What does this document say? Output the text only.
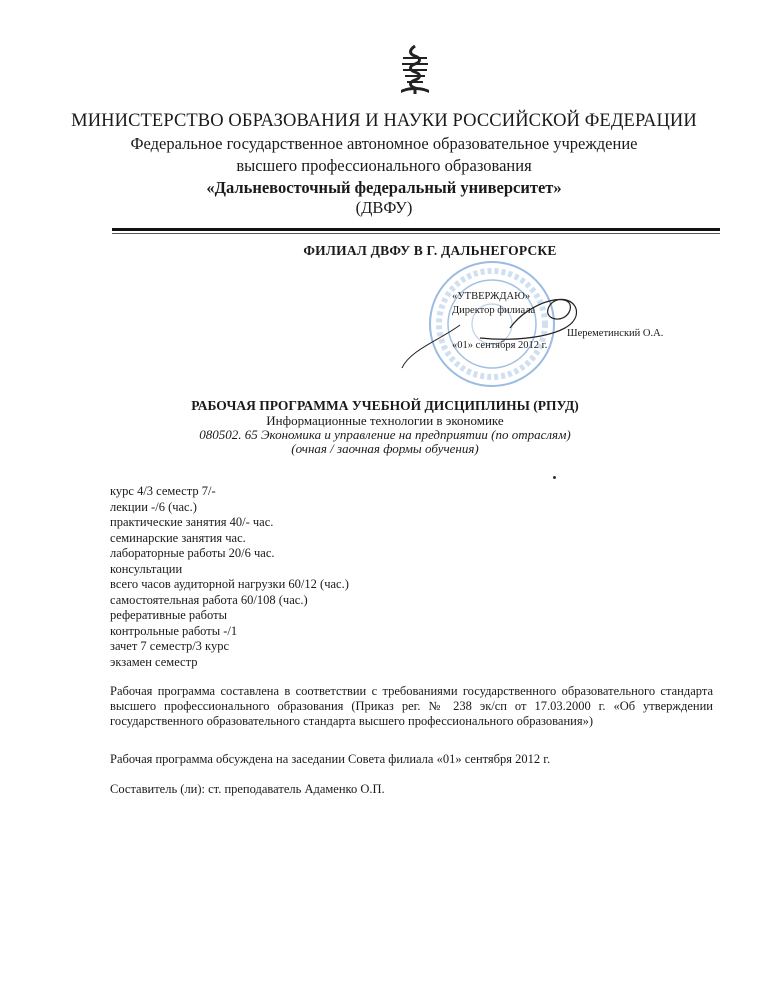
МИНИСТЕРСТВО ОБРАЗОВАНИЯ И НАУКИ РОССИЙСКОЙ ФЕДЕРАЦИИ
Федеральное государственное автономное образовательное учреждение
высшего профессионального образования
«Дальневосточный федеральный университет»
(ДВФУ)
ФИЛИАЛ ДВФУ В Г. ДАЛЬНЕГОРСКЕ
«УТВЕРЖДАЮ»
Директор филиала
Шереметинский О.А.
«01» сентября 2012 г.
РАБОЧАЯ ПРОГРАММА УЧЕБНОЙ ДИСЦИПЛИНЫ (РПУД)
Информационные технологии в экономике
080502. 65 Экономика и управление на предприятии (по отраслям)
(очная / заочная формы обучения)
курс 4/3 семестр 7/-
лекции -/6 (час.)
практические занятия 40/- час.
семинарские занятия час.
лабораторные работы 20/6 час.
консультации
всего часов аудиторной нагрузки 60/12 (час.)
самостоятельная работа 60/108 (час.)
реферативные работы
контрольные работы -/1
зачет 7 семестр/3 курс
экзамен семестр
Рабочая программа составлена в соответствии с требованиями государственного образовательного стандарта высшего профессионального образования (Приказ рег. № 238 эк/сп от 17.03.2000 г. «Об утверждении государственного образовательного стандарта высшего профессионального образования»)
Рабочая программа обсуждена на заседании Совета филиала «01» сентября 2012 г.
Составитель (ли): ст. преподаватель Адаменко О.П.
